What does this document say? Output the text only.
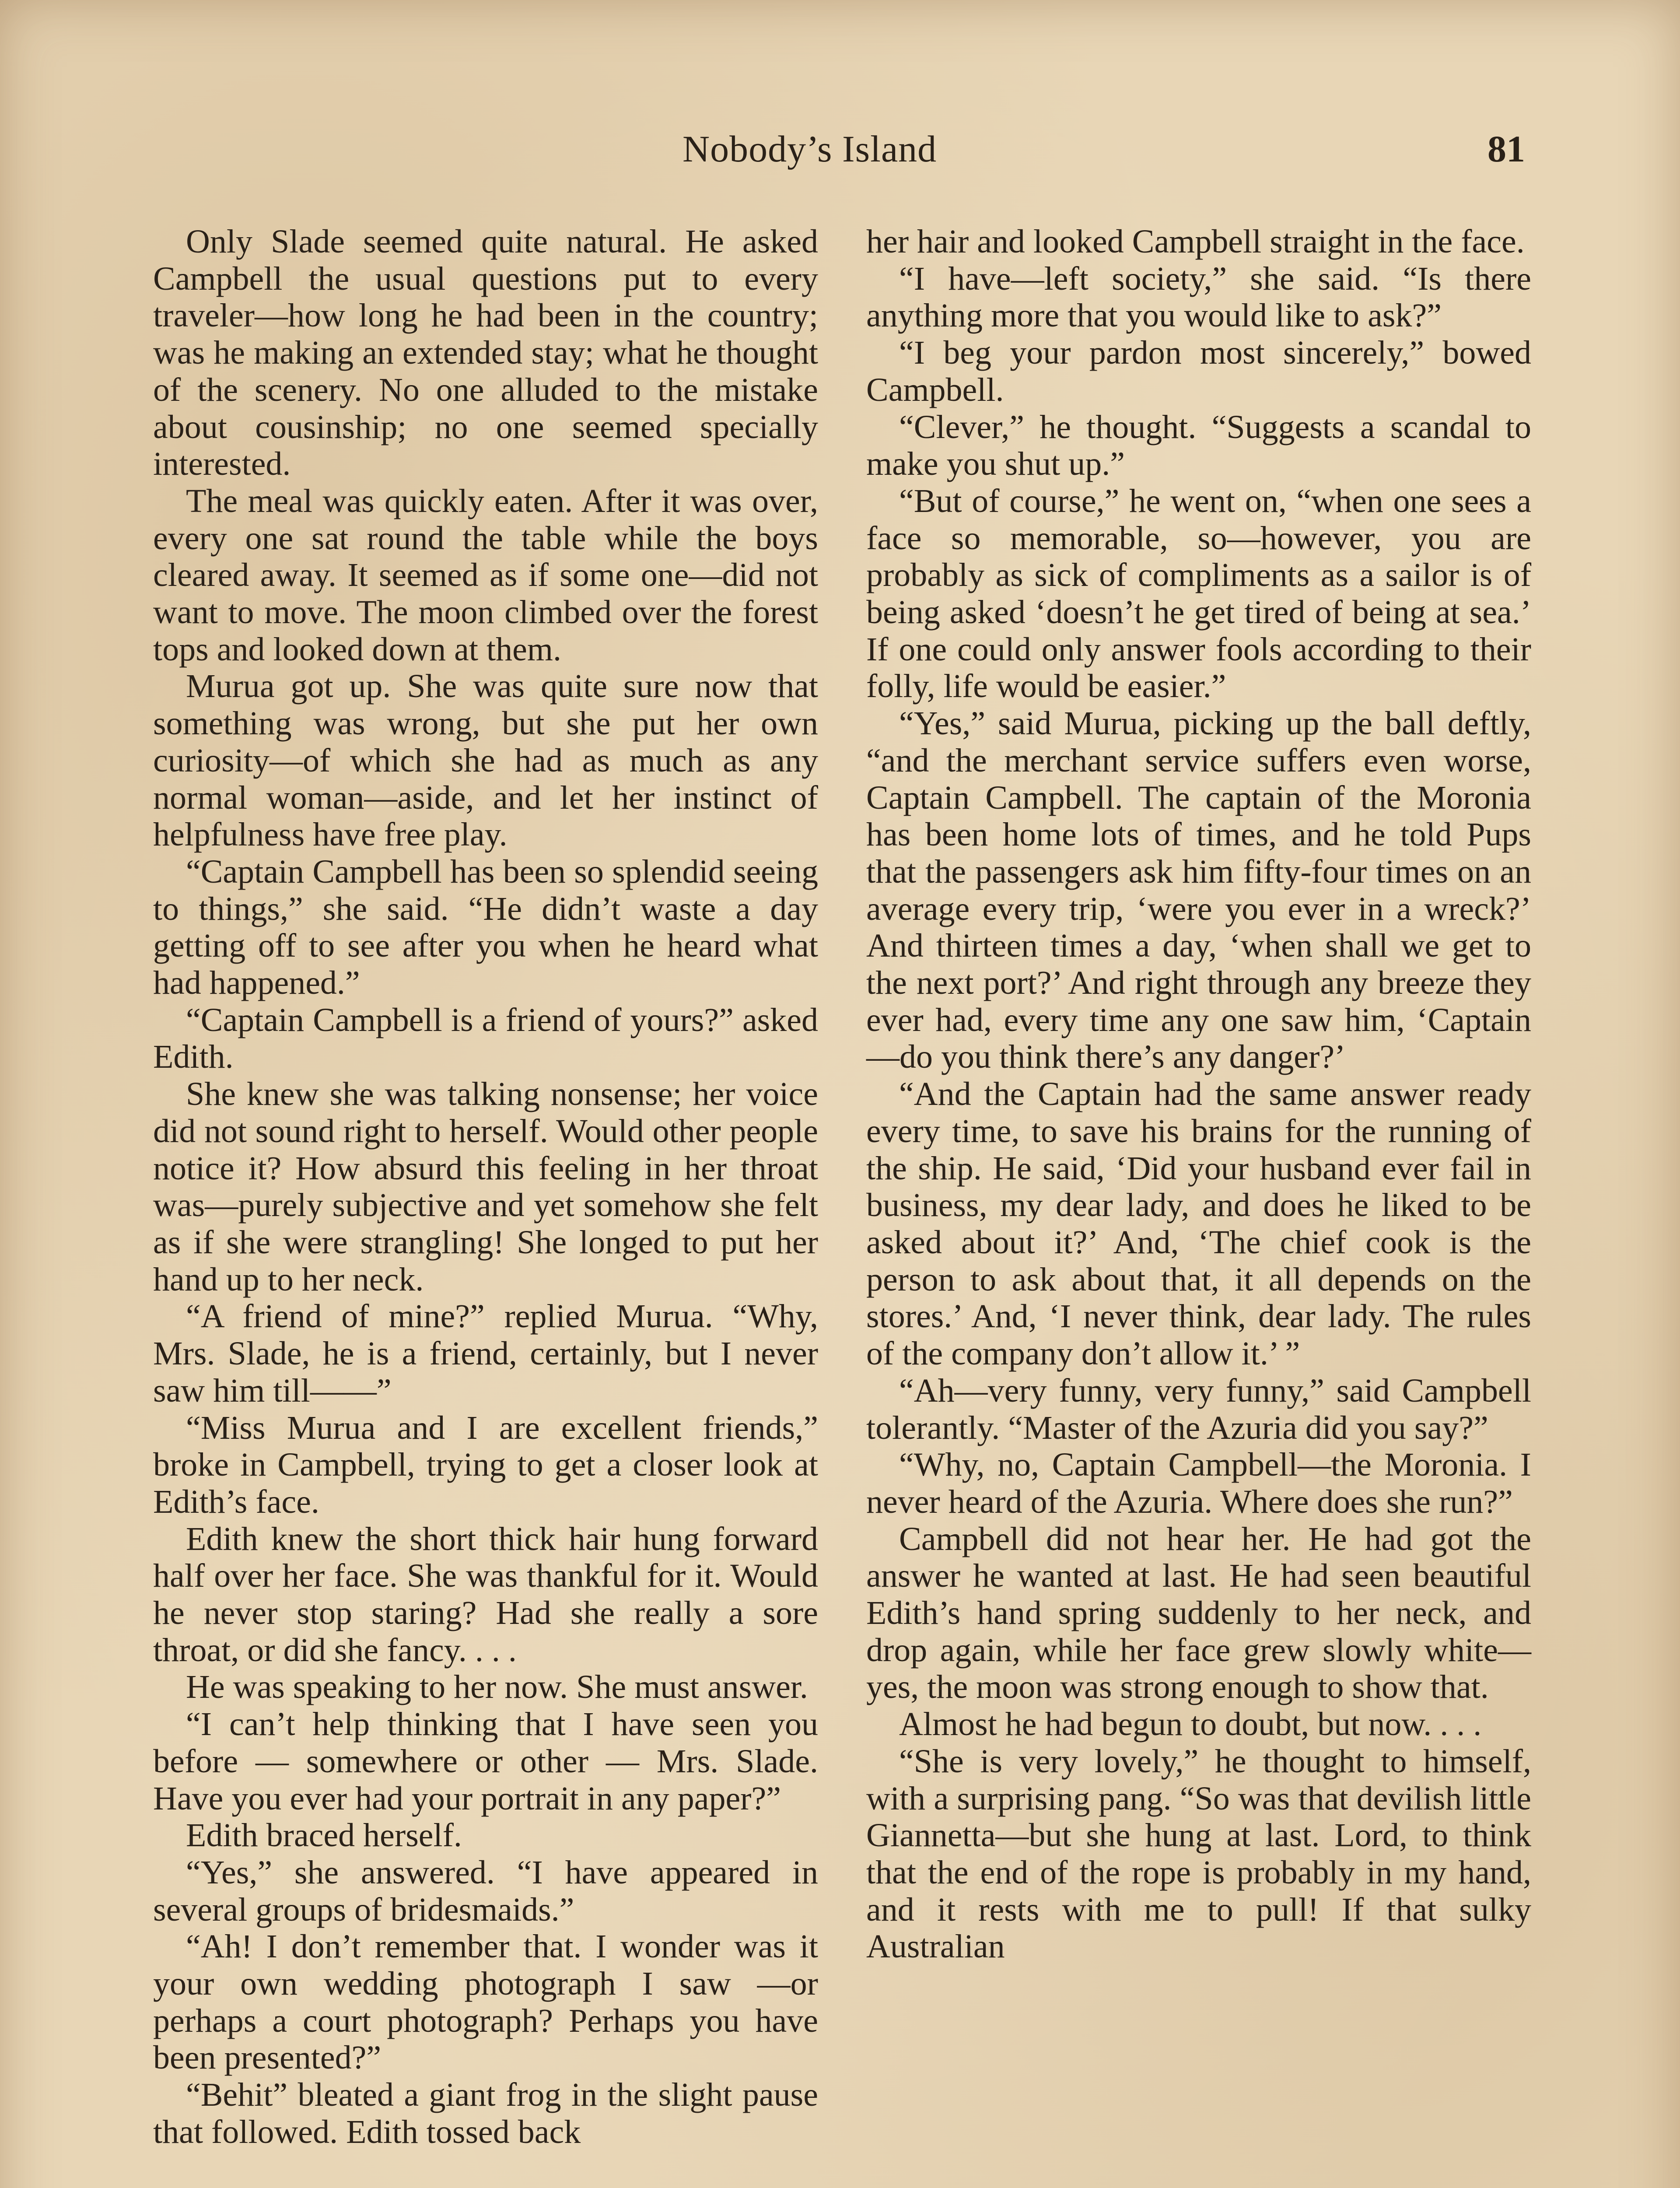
Nobody’s Island	81

Only Slade seemed quite natural. He asked Campbell the usual questions put to every traveler—how long he had been in the country; was he making an extended stay; what he thought of the scenery. No one alluded to the mistake about cousinship; no one seemed specially interested.

The meal was quickly eaten. After it was over, every one sat round the table while the boys cleared away. It seemed as if some one—did not want to move. The moon climbed over the forest tops and looked down at them.

Murua got up. She was quite sure now that something was wrong, but she put her own curiosity—of which she had as much as any normal woman—aside, and let her instinct of helpfulness have free play.

“Captain Campbell has been so splendid seeing to things,” she said. “He didn’t waste a day getting off to see after you when he heard what had happened.”

“Captain Campbell is a friend of yours?” asked Edith.

She knew she was talking nonsense; her voice did not sound right to herself. Would other people notice it? How absurd this feeling in her throat was—purely subjective and yet somehow she felt as if she were strangling! She longed to put her hand up to her neck.

“A friend of mine?” replied Murua. “Why, Mrs. Slade, he is a friend, certainly, but I never saw him till——”

“Miss Murua and I are excellent friends,” broke in Campbell, trying to get a closer look at Edith’s face.

Edith knew the short thick hair hung forward half over her face. She was thankful for it. Would he never stop staring? Had she really a sore throat, or did she fancy. . . .

He was speaking to her now. She must answer.

“I can’t help thinking that I have seen you before — somewhere or other — Mrs. Slade. Have you ever had your portrait in any paper?”

Edith braced herself.

“Yes,” she answered. “I have appeared in several groups of bridesmaids.”

“Ah! I don’t remember that. I wonder was it your own wedding photograph I saw —or perhaps a court photograph? Perhaps you have been presented?”

“Behit” bleated a giant frog in the slight pause that followed. Edith tossed back

her hair and looked Campbell straight in the face.

“I have—left society,” she said. “Is there anything more that you would like to ask?”

“I beg your pardon most sincerely,” bowed Campbell.

“Clever,” he thought. “Suggests a scandal to make you shut up.”

“But of course,” he went on, “when one sees a face so memorable, so—however, you are probably as sick of compliments as a sailor is of being asked ‘doesn’t he get tired of being at sea.’ If one could only answer fools according to their folly, life would be easier.”

“Yes,” said Murua, picking up the ball deftly, “and the merchant service suffers even worse, Captain Campbell. The captain of the Moronia has been home lots of times, and he told Pups that the passengers ask him fifty-four times on an average every trip, ‘were you ever in a wreck?’ And thirteen times a day, ‘when shall we get to the next port?’ And right through any breeze they ever had, every time any one saw him, ‘Captain—do you think there’s any danger?’

“And the Captain had the same answer ready every time, to save his brains for the running of the ship. He said, ‘Did your husband ever fail in business, my dear lady, and does he liked to be asked about it?’ And, ‘The chief cook is the person to ask about that, it all depends on the stores.’ And, ‘I never think, dear lady. The rules of the company don’t allow it.’ ”

“Ah—very funny, very funny,” said Campbell tolerantly. “Master of the Azuria did you say?”

“Why, no, Captain Campbell—the Moronia. I never heard of the Azuria. Where does she run?”

Campbell did not hear her. He had got the answer he wanted at last. He had seen beautiful Edith’s hand spring suddenly to her neck, and drop again, while her face grew slowly white—yes, the moon was strong enough to show that.

Almost he had begun to doubt, but now. . . .

“She is very lovely,” he thought to himself, with a surprising pang. “So was that devilish little Giannetta—but she hung at last. Lord, to think that the end of the rope is probably in my hand, and it rests with me to pull! If that sulky Australian
